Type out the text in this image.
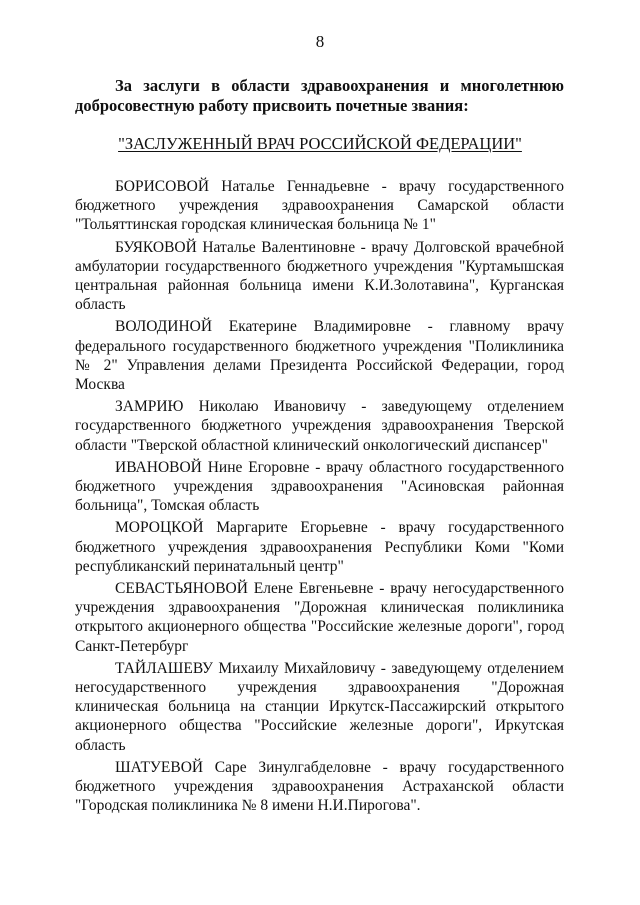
8

За заслуги в области здравоохранения и многолетнюю добросовестную работу присвоить почетные звания:

"ЗАСЛУЖЕННЫЙ ВРАЧ РОССИЙСКОЙ ФЕДЕРАЦИИ"

БОРИСОВОЙ Наталье Геннадьевне - врачу государственного бюджетного учреждения здравоохранения Самарской области "Тольяттинская городская клиническая больница № 1"

БУЯКОВОЙ Наталье Валентиновне - врачу Долговской врачебной амбулатории государственного бюджетного учреждения "Куртамышская центральная районная больница имени К.И.Золотавина", Курганская область

ВОЛОДИНОЙ Екатерине Владимировне - главному врачу федерального государственного бюджетного учреждения "Поликлиника № 2" Управления делами Президента Российской Федерации, город Москва

ЗАМРИЮ Николаю Ивановичу - заведующему отделением государственного бюджетного учреждения здравоохранения Тверской области "Тверской областной клинический онкологический диспансер"

ИВАНОВОЙ Нине Егоровне - врачу областного государственного бюджетного учреждения здравоохранения "Асиновская районная больница", Томская область

МОРОЦКОЙ Маргарите Егорьевне - врачу государственного бюджетного учреждения здравоохранения Республики Коми "Коми республиканский перинатальный центр"

СЕВАСТЬЯНОВОЙ Елене Евгеньевне - врачу негосударственного учреждения здравоохранения "Дорожная клиническая поликлиника открытого акционерного общества "Российские железные дороги", город Санкт-Петербург

ТАЙЛАШЕВУ Михаилу Михайловичу - заведующему отделением негосударственного учреждения здравоохранения "Дорожная клиническая больница на станции Иркутск-Пассажирский открытого акционерного общества "Российские железные дороги", Иркутская область

ШАТУЕВОЙ Саре Зинулгабделовне - врачу государственного бюджетного учреждения здравоохранения Астраханской области "Городская поликлиника № 8 имени Н.И.Пирогова".
